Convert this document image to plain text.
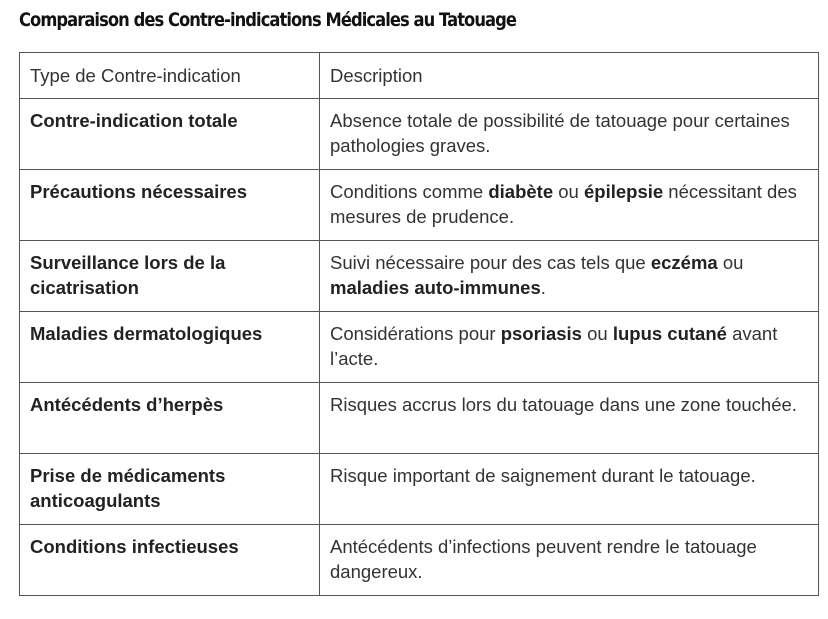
Comparaison des Contre-indications Médicales au Tatouage
Type de Contre-indication	Description
Contre-indication totale	Absence totale de possibilité de tatouage pour certaines pathologies graves.
Précautions nécessaires	Conditions comme diabète ou épilepsie nécessitant des mesures de prudence.
Surveillance lors de la cicatrisation	Suivi nécessaire pour des cas tels que eczéma ou maladies auto-immunes.
Maladies dermatologiques	Considérations pour psoriasis ou lupus cutané avant l’acte.
Antécédents d’herpès	Risques accrus lors du tatouage dans une zone touchée.
Prise de médicaments anticoagulants	Risque important de saignement durant le tatouage.
Conditions infectieuses	Antécédents d’infections peuvent rendre le tatouage dangereux.
